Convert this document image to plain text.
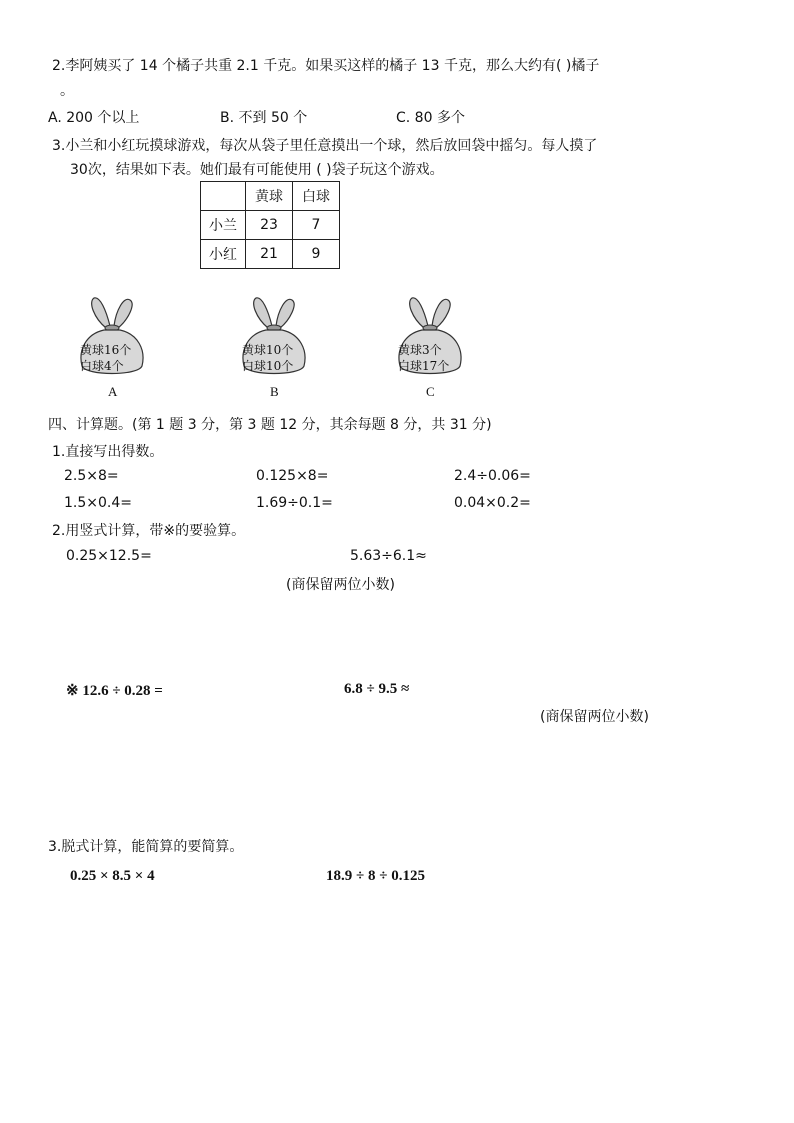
2.李阿姨买了 14 个橘子共重 2.1 千克。如果买这样的橘子 13 千克，那么大约有( )橘子
。
A. 200 个以上	B. 不到 50 个	C. 80 多个
3.小兰和小红玩摸球游戏，每次从袋子里任意摸出一个球，然后放回袋中摇匀。每人摸了
30次，结果如下表。她们最有可能使用 ( )袋子玩这个游戏。
	黄球	白球
小兰	23	7
小红	21	9
黄球16个
白球4个
A
黄球10个
白球10个
B
黄球3个
白球17个
C
四、计算题。(第 1 题 3 分，第 3 题 12 分，其余每题 8 分，共 31 分)
1.直接写出得数。
2.5×8=	0.125×8=	2.4÷0.06=
1.5×0.4=	1.69÷0.1=	0.04×0.2=
2.用竖式计算，带※的要验算。
0.25×12.5=	5.63÷6.1≈
(商保留两位小数)
※ 12.6 ÷ 0.28 =	6.8 ÷ 9.5 ≈
(商保留两位小数)
3.脱式计算，能简算的要简算。
0.25 × 8.5 × 4	18.9 ÷ 8 ÷ 0.125
